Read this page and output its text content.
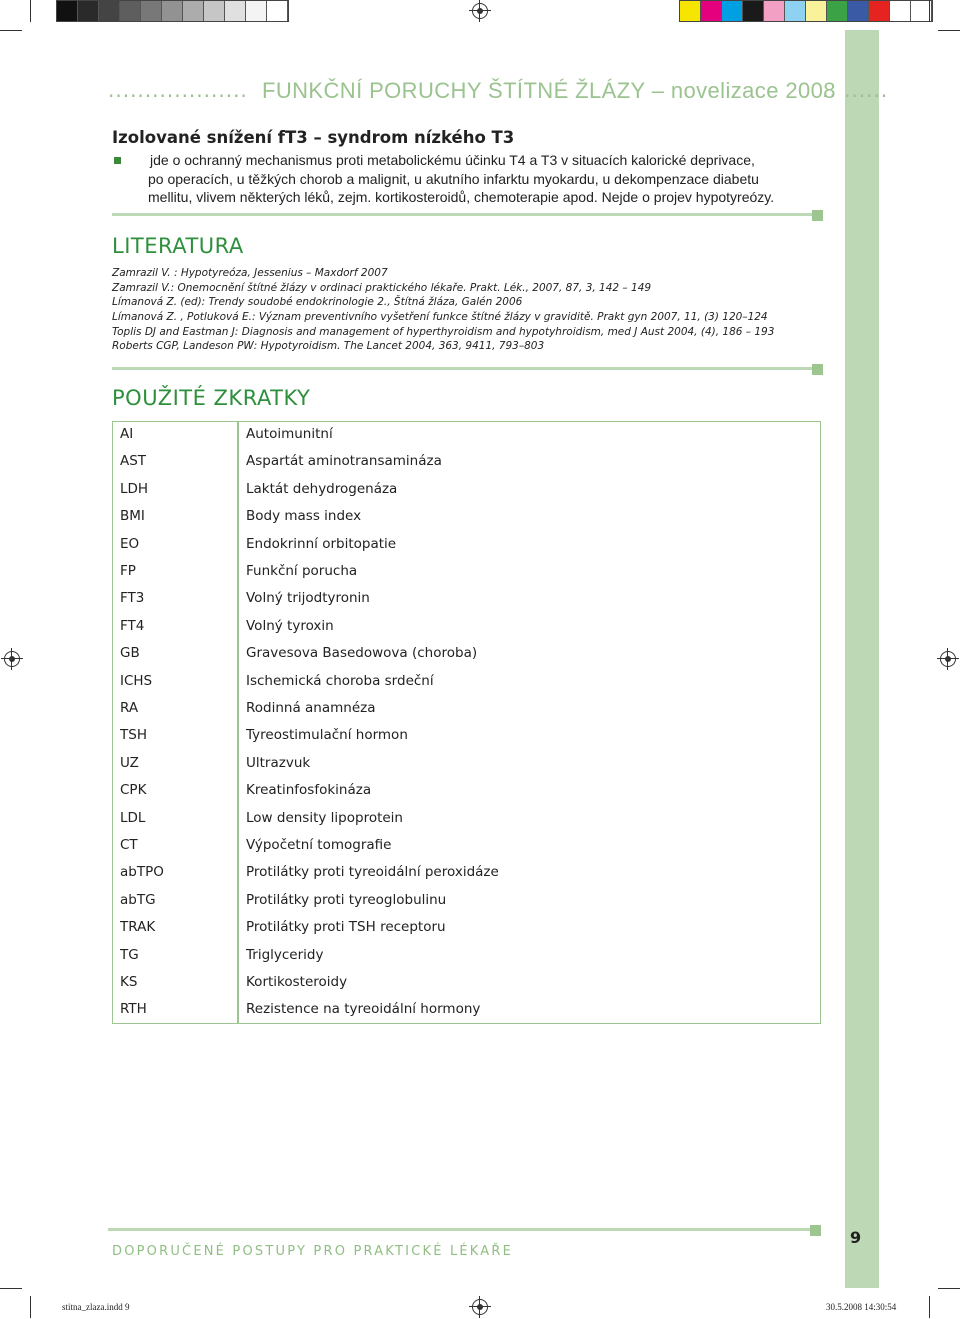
................... FUNKČNÍ PORUCHY ŠTÍTNÉ ŽLÁZY – novelizace 2008
.. ......
Izolované snížení fT3 – syndrom nízkého T3
jde o ochranný mechanismus proti metabolickému účinku T4 a T3 v situacích kalorické deprivace,
po operacích, u těžkých chorob a malignit, u akutního infarktu myokardu, u dekompenzace diabetu
mellitu, vlivem některých léků, zejm. kortikosteroidů, chemoterapie apod. Nejde o projev hypotyreózy.
LITERATURA
Zamrazil V. : Hypotyreóza, Jessenius – Maxdorf 2007
Zamrazil V.: Onemocnění štítné žlázy v ordinaci praktického lékaře. Prakt. Lék., 2007, 87, 3, 142 – 149
Límanová Z. (ed): Trendy soudobé endokrinologie 2., Štítná žláza, Galén 2006
Límanová Z. , Potluková E.: Význam preventivního vyšetření funkce štítné žlázy v graviditě. Prakt gyn 2007, 11, (3) 120–124
Toplis DJ and Eastman J: Diagnosis and management of hyperthyroidism and hypotyhroidism, med J Aust 2004, (4), 186 – 193
Roberts CGP, Landeson PW: Hypotyroidism. The Lancet 2004, 363, 9411, 793–803
POUŽITÉ ZKRATKY
AI	Autoimunitní
AST	Aspartát aminotransamináza
LDH	Laktát dehydrogenáza
BMI	Body mass index
EO	Endokrinní orbitopatie
FP	Funkční porucha
FT3	Volný trijodtyronin
FT4	Volný tyroxin
GB	Gravesova Basedowova (choroba)
ICHS	Ischemická choroba srdeční
RA	Rodinná anamnéza
TSH	Tyreostimulační hormon
UZ	Ultrazvuk
CPK	Kreatinfosfokináza
LDL	Low density lipoprotein
CT	Výpočetní tomografie
abTPO	Protilátky proti tyreoidální peroxidáze
abTG	Protilátky proti tyreoglobulinu
TRAK	Protilátky proti TSH receptoru
TG	Triglyceridy
KS	Kortikosteroidy
RTH	Rezistence na tyreoidální hormony
DOPORUČENÉ POSTUPY PRO PRAKTICKÉ LÉKAŘE
9
stitna_zlaza.indd 9	30.5.2008 14:30:54
